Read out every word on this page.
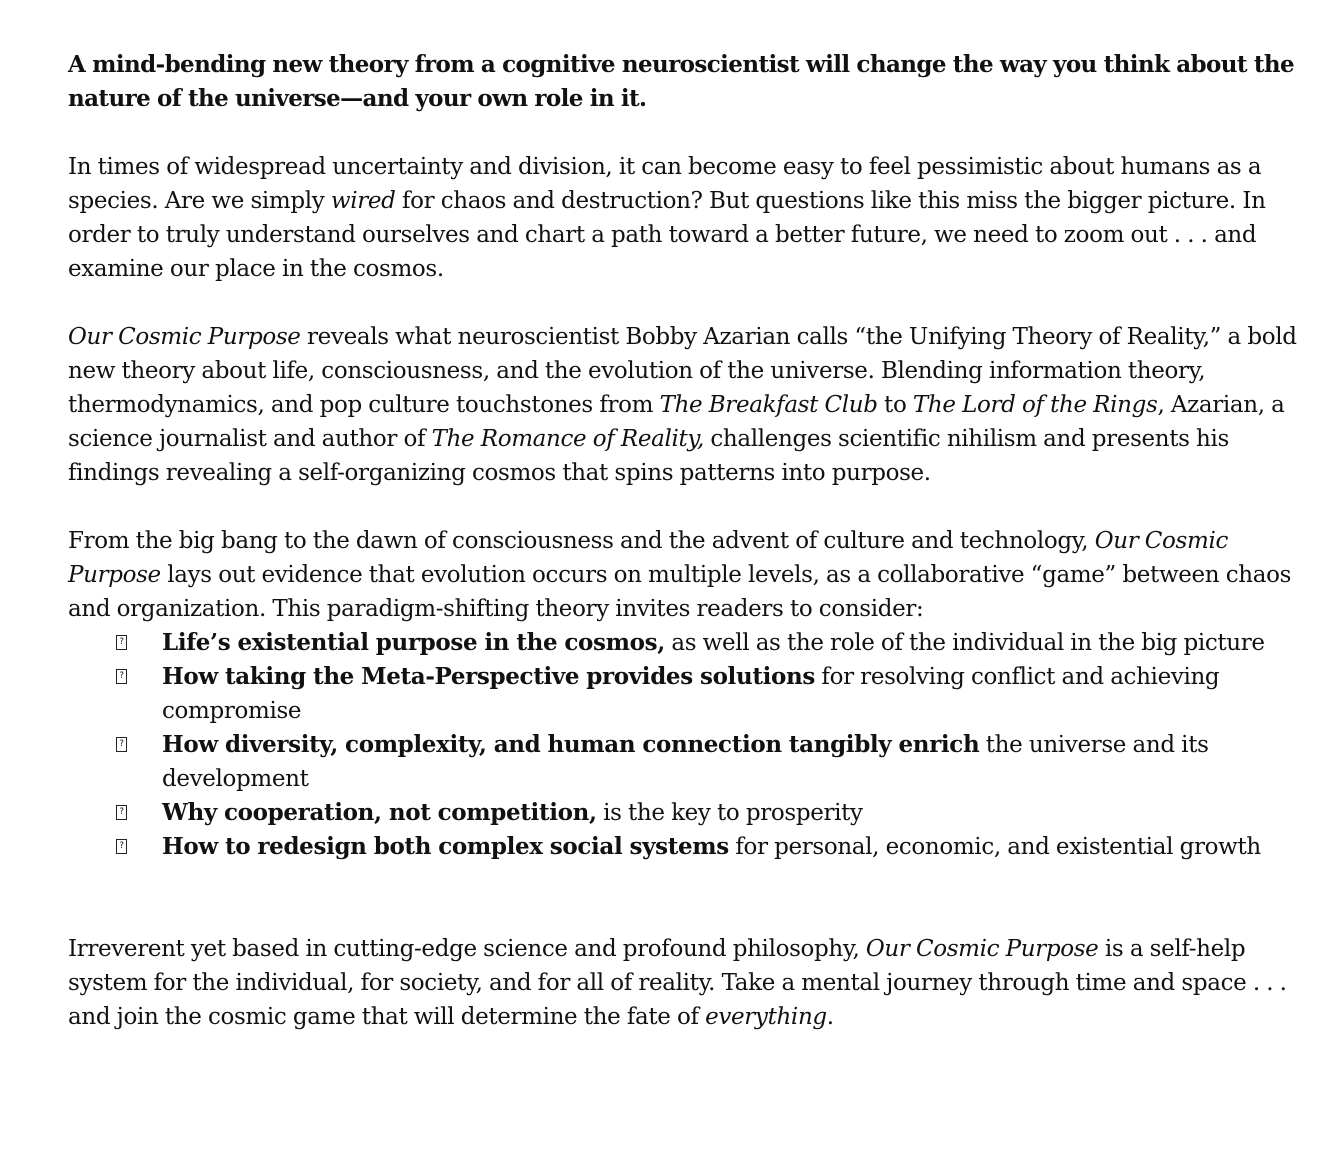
A mind-bending new theory from a cognitive neuroscientist will change the way you think about the nature of the universe—and your own role in it.

In times of widespread uncertainty and division, it can become easy to feel pessimistic about humans as a species. Are we simply wired for chaos and destruction? But questions like this miss the bigger picture. In order to truly understand ourselves and chart a path toward a better future, we need to zoom out . . . and examine our place in the cosmos.

Our Cosmic Purpose reveals what neuroscientist Bobby Azarian calls “the Unifying Theory of Reality,” a bold new theory about life, consciousness, and the evolution of the universe. Blending information theory, thermodynamics, and pop culture touchstones from The Breakfast Club to The Lord of the Rings, Azarian, a science journalist and author of The Romance of Reality, challenges scientific nihilism and presents his findings revealing a self-organizing cosmos that spins patterns into purpose.

From the big bang to the dawn of consciousness and the advent of culture and technology, Our Cosmic Purpose lays out evidence that evolution occurs on multiple levels, as a collaborative “game” between chaos and organization. This paradigm-shifting theory invites readers to consider:

?
Life’s existential purpose in the cosmos, as well as the role of the individual in the big picture
?
How taking the Meta-Perspective provides solutions for resolving conflict and achieving compromise
?
How diversity, complexity, and human connection tangibly enrich the universe and its development
?
Why cooperation, not competition, is the key to prosperity
?
How to redesign both complex social systems for personal, economic, and existential growth

Irreverent yet based in cutting-edge science and profound philosophy, Our Cosmic Purpose is a self-help system for the individual, for society, and for all of reality. Take a mental journey through time and space . . . and join the cosmic game that will determine the fate of everything.
